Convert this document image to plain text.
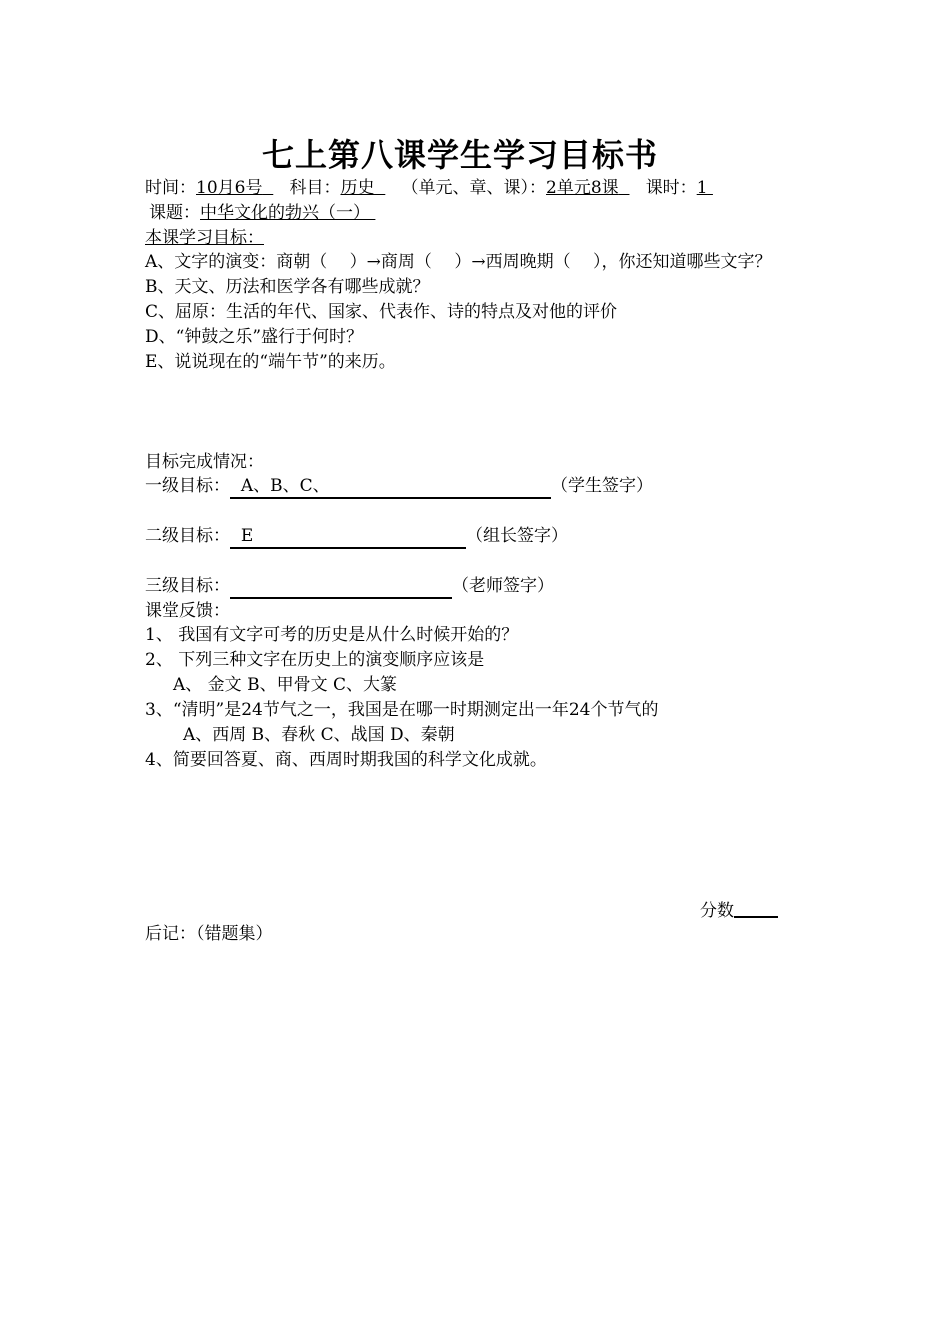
七上第八课学生学习目标书
时间：10月6号 科目：历史 （单元、章、课）：2单元8课 课时：1
课题：中华文化的勃兴（一）
本课学习目标：
A、文字的演变：商朝（　 ）→商周（　 ）→西周晚期（　 ），你还知道哪些文字？
B、天文、历法和医学各有哪些成就？
C、屈原：生活的年代、国家、代表作、诗的特点及对他的评价
D、“钟鼓之乐”盛行于何时？
E、说说现在的“端午节”的来历。
目标完成情况：
一级目标： A、B、C、	（学生签字）
二级目标： E	（组长签字）
三级目标：	（老师签字）
课堂反馈：
1、 我国有文字可考的历史是从什么时候开始的？
2、 下列三种文字在历史上的演变顺序应该是
A、 金文 B、甲骨文 C、大篆
3、“清明”是24节气之一，我国是在哪一时期测定出一年24个节气的
A、西周 B、春秋 C、战国 D、秦朝
4、简要回答夏、商、西周时期我国的科学文化成就。
分数
后记：（错题集）
